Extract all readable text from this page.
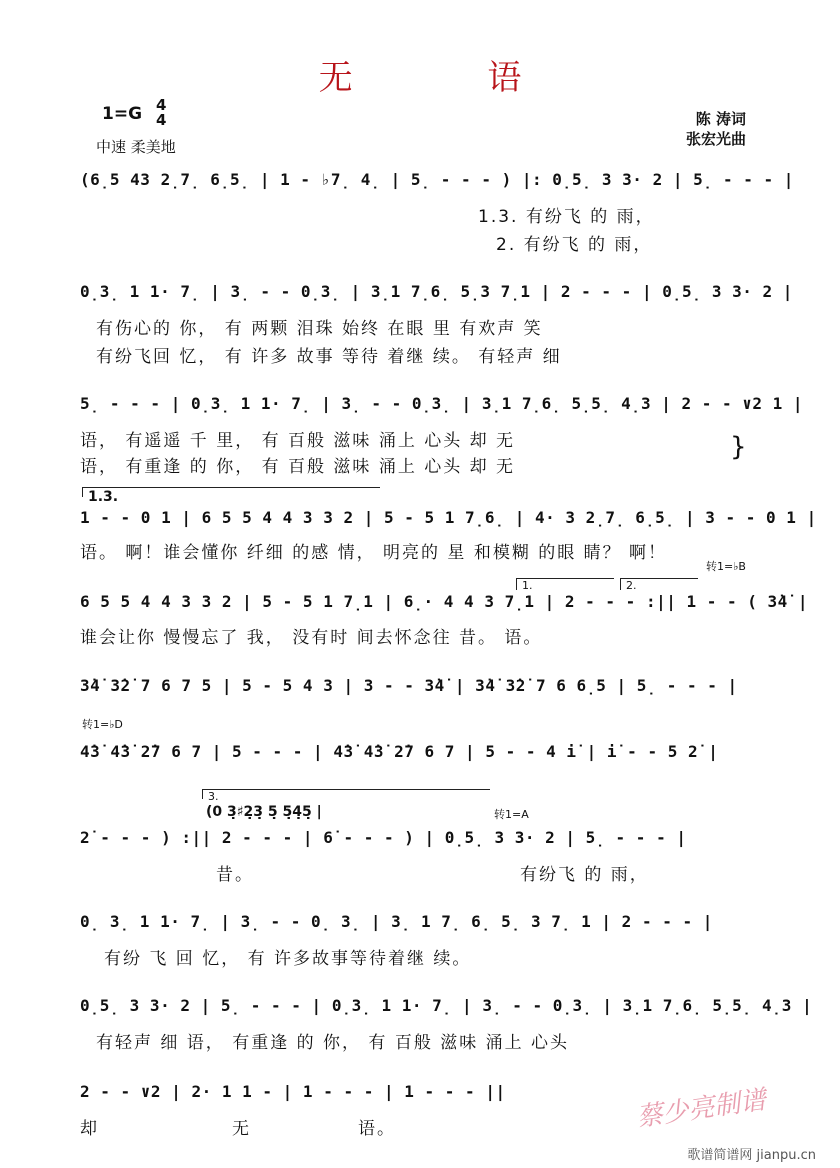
无 语
1=G 4
4
中速 柔美地
陈 涛词
张宏光曲
(6̣5 43 2̣7̣ 6̣5̣ | 1 - ♭7̣ 4̣ | 5̣ - - - ) |: 0̣5̣ 3 3· 2 | 5̣ - - - |
1.3. 有纷飞 的 雨，
2. 有纷飞 的 雨，
0̣3̣ 1 1· 7̣ | 3̣ - - 0̣3̣ | 3̣1 7̣6̣ 5̣3 7̣1 | 2 - - - | 0̣5̣ 3 3· 2 |
有伤心的 你， 有 两颗 泪珠 始终 在眼 里 有欢声 笑
有纷飞回 忆， 有 许多 故事 等待 着继 续。 有轻声 细
5̣ - - - | 0̣3̣ 1 1· 7̣ | 3̣ - - 0̣3̣ | 3̣1 7̣6̣ 5̣5̣ 4̣3 | 2 - - ∨2 1 |
语， 有遥遥 千 里， 有 百般 滋味 涌上 心头 却 无
语， 有重逢 的 你， 有 百般 滋味 涌上 心头 却 无
}
1.3.
1 - - 0 1 | 6 5 5 4 4 3 3 2 | 5 - 5 1 7̣6̣ | 4· 3 2̣7̣ 6̣5̣ | 3 - - 0 1 |
语。 啊！谁会懂你 纤细 的感 情， 明亮的 星 和模糊 的眼 睛？ 啊！
转1=♭B
1.	2.
6 5 5 4 4 3 3 2 | 5 - 5 1 7̣1 | 6̣· 4 4 3 7̣1 | 2 - - - :|| 1 - - ( 3̇4̇ |
谁会让你 慢慢忘了 我， 没有时 间去怀念往 昔。 语。
3̇4̇ 3̇2̇ 7 6 7 5 | 5 - 5 4 3 | 3 - - 3̇4̇ | 3̇4̇ 3̇2̇ 7 6 6̣5 | 5̣ - - - |
转1=♭D
4̇3̇ 4̇3̇ 2̇7 6 7 | 5 - - - | 4̇3̇ 4̇3̇ 2̇7 6 7 | 5 - - 4 i̇ | i̇ - - 5 2̇ |
3.
(0 3̣♯2̣3̣ 5̣ 5̣4̣5̣ |	转1=A
2̇ - - - ) :|| 2 - - - | 6̇ - - - ) | 0̣5̣ 3 3· 2 | 5̣ - - - |
昔。	有纷飞 的 雨，
0̣ 3̣ 1 1· 7̣ | 3̣ - - 0̣ 3̣ | 3̣ 1 7̣ 6̣ 5̣ 3 7̣ 1 | 2 - - - |
有纷 飞 回 忆， 有 许多故事等待着继 续。
0̣5̣ 3 3· 2 | 5̣ - - - | 0̣3̣ 1 1· 7̣ | 3̣ - - 0̣3̣ | 3̣1 7̣6̣ 5̣5̣ 4̣3 |
有轻声 细 语， 有重逢 的 你， 有 百般 滋味 涌上 心头
2 - - ∨2 | 2· 1 1 - | 1 - - - | 1 - - - ||
却	无	语。	蔡少亮制谱
歌谱简谱网 jianpu.cn
